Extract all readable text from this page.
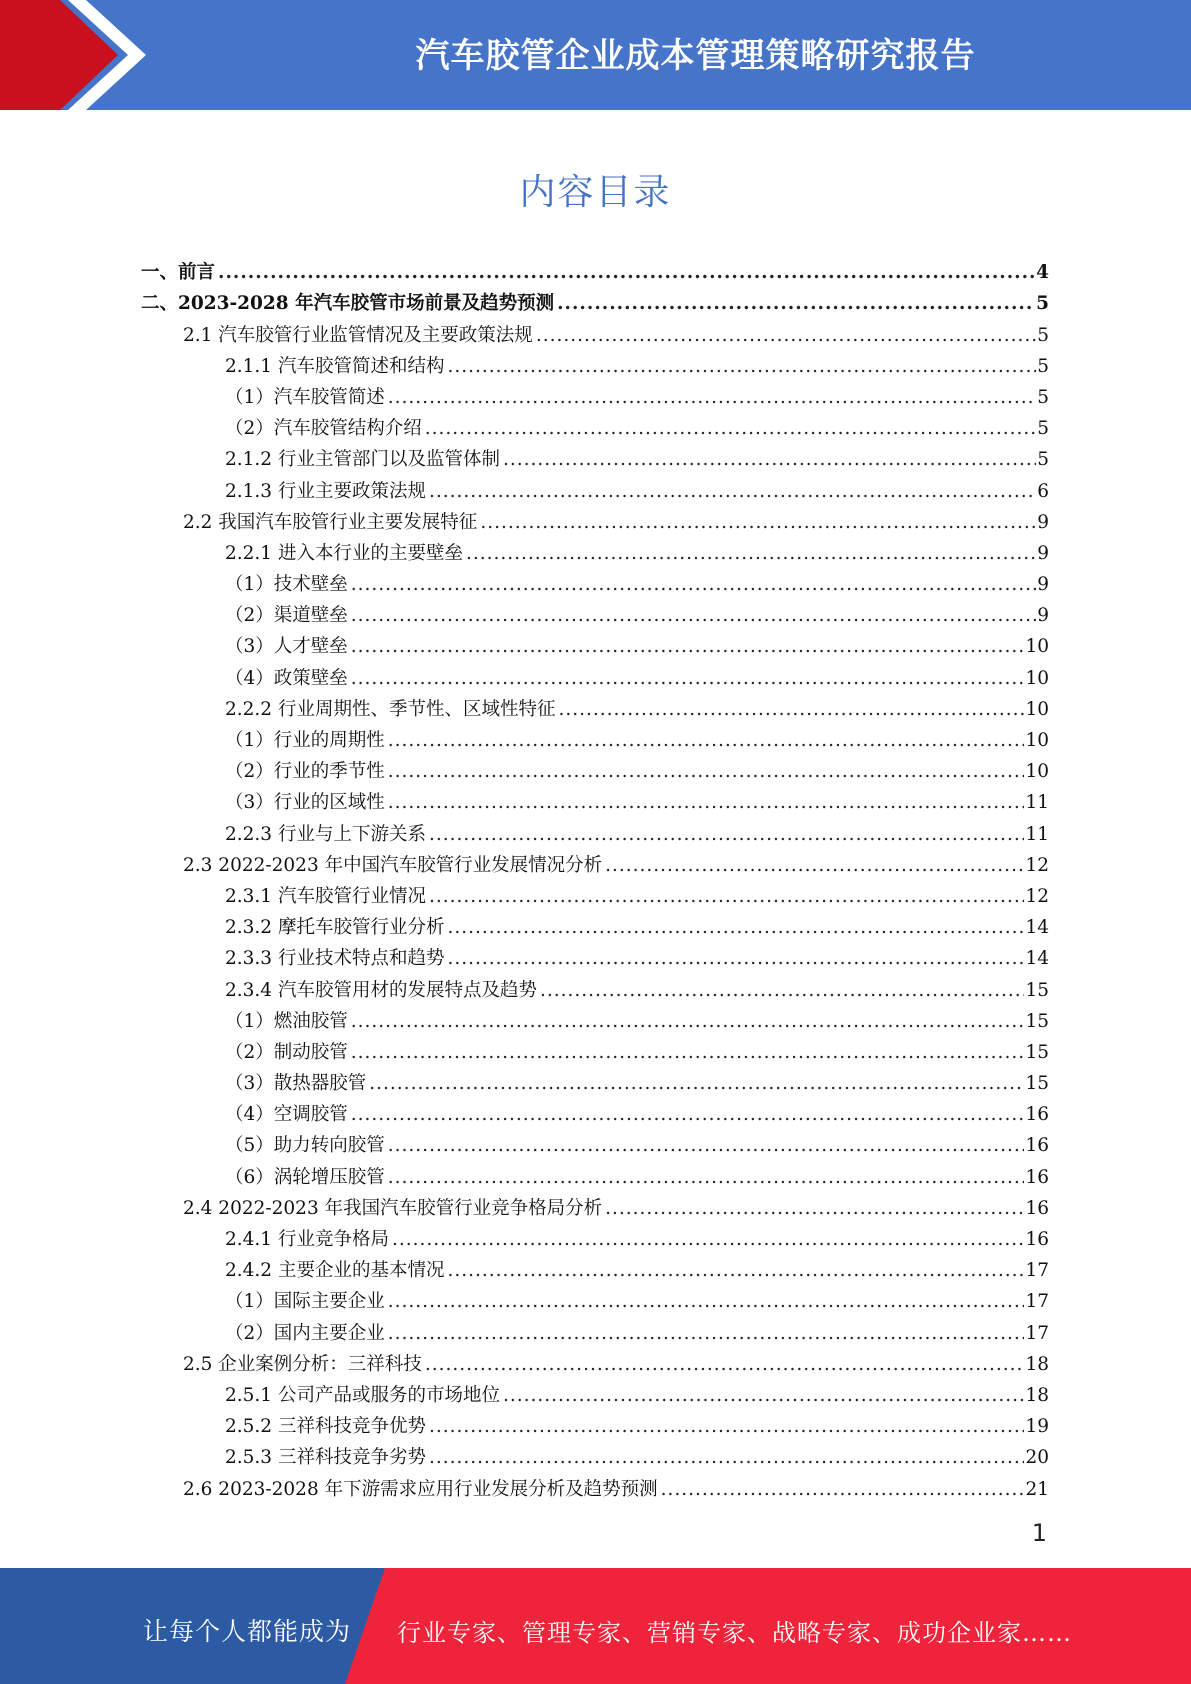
汽车胶管企业成本管理策略研究报告
内容目录
一、前言 .....	4
二、2023-2028 年汽车胶管市场前景及趋势预测 .....	5
2.1 汽车胶管行业监管情况及主要政策法规 .....	5
2.1.1 汽车胶管简述和结构 .....	5
（1）汽车胶管简述 .....	5
（2）汽车胶管结构介绍 .....	5
2.1.2 行业主管部门以及监管体制 .....	5
2.1.3 行业主要政策法规 .....	6
2.2 我国汽车胶管行业主要发展特征 .....	9
2.2.1 进入本行业的主要壁垒 .....	9
（1）技术壁垒 .....	9
（2）渠道壁垒 .....	9
（3）人才壁垒 .....	10
（4）政策壁垒 .....	10
2.2.2 行业周期性、季节性、区域性特征 .....	10
（1）行业的周期性 .....	10
（2）行业的季节性 .....	10
（3）行业的区域性 .....	11
2.2.3 行业与上下游关系 .....	11
2.3 2022-2023 年中国汽车胶管行业发展情况分析 .....	12
2.3.1 汽车胶管行业情况 .....	12
2.3.2 摩托车胶管行业分析 .....	14
2.3.3 行业技术特点和趋势 .....	14
2.3.4 汽车胶管用材的发展特点及趋势 .....	15
（1）燃油胶管 .....	15
（2）制动胶管 .....	15
（3）散热器胶管 .....	15
（4）空调胶管 .....	16
（5）助力转向胶管 .....	16
（6）涡轮增压胶管 .....	16
2.4 2022-2023 年我国汽车胶管行业竞争格局分析 .....	16
2.4.1 行业竞争格局 .....	16
2.4.2 主要企业的基本情况 .....	17
（1）国际主要企业 .....	17
（2）国内主要企业 .....	17
2.5 企业案例分析：三祥科技 .....	18
2.5.1 公司产品或服务的市场地位 .....	18
2.5.2 三祥科技竞争优势 .....	19
2.5.3 三祥科技竞争劣势 .....	20
2.6 2023-2028 年下游需求应用行业发展分析及趋势预测 .....	21
1
让每个人都能成为 行业专家、管理专家、营销专家、战略专家、成功企业家……
